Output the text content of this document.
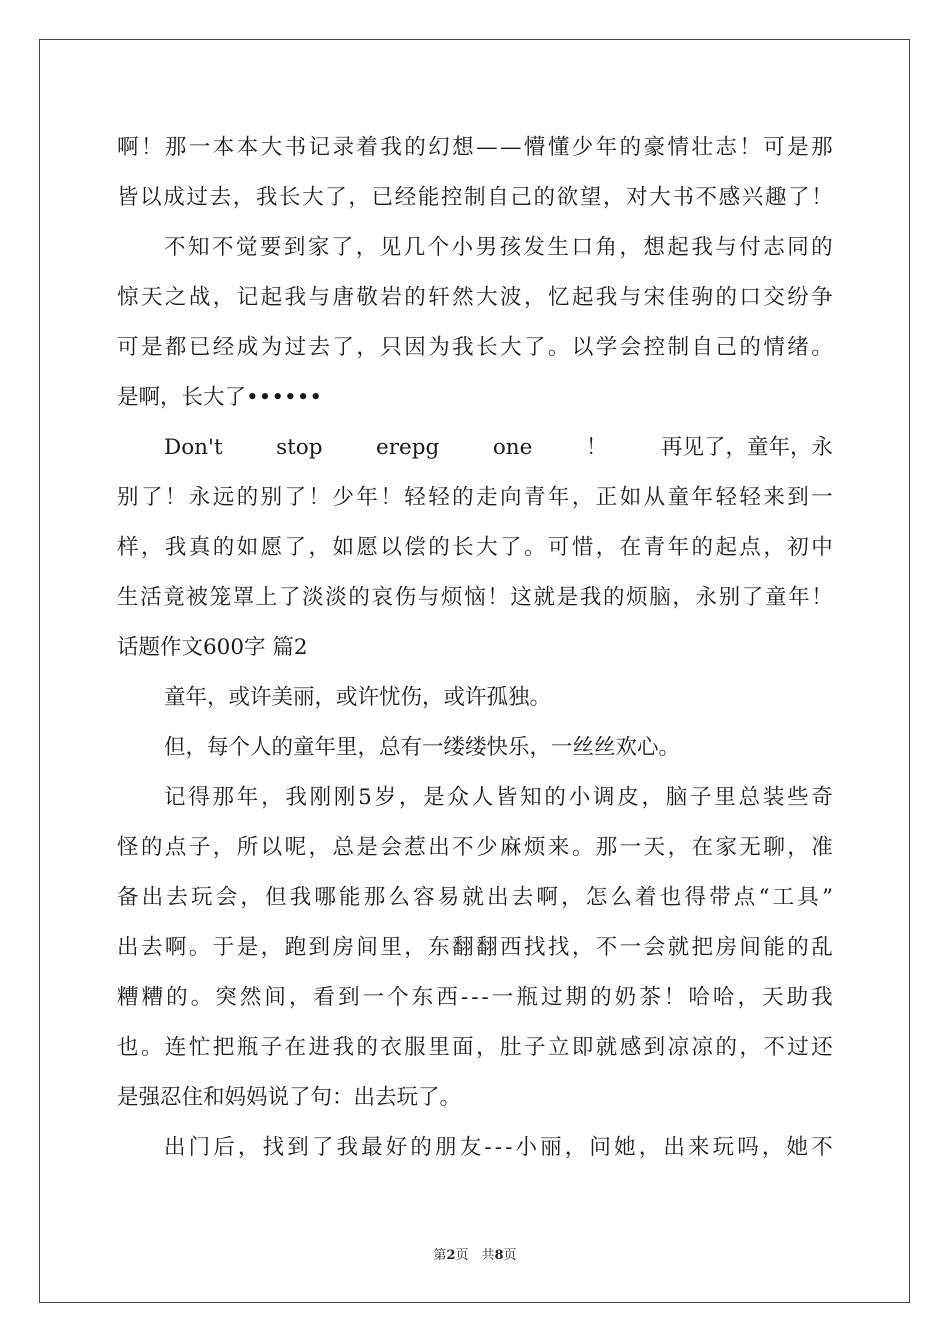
啊 ！ 那 一 本 本 大 书 记 录 着 我 的 幻 想 — — 懵 懂 少 年 的 豪 情 壮 志 ！ 可 是 那
皆 以 成 过 去 ， 我 长 大 了 ， 已 经 能 控 制 自 己 的 欲 望 ， 对 大 书 不 感 兴 趣 了 ！
不 知 不 觉 要 到 家 了 ， 见 几 个 小 男 孩 发 生 口 角 ， 想 起 我 与 付 志 同 的
惊 天 之 战 ， 记 起 我 与 唐 敬 岩 的 轩 然 大 波 ， 忆 起 我 与 宋 佳 驹 的 口 交 纷 争
可 是 都 已 经 成 为 过 去 了 ， 只 因 为 我 长 大 了 。 以 学 会 控 制 自 己 的 情 绪 。
是啊，长大了••••••
Don't stop erepg one ！ 再见了，童年，永
别 了 ！ 永 远 的 别 了 ！ 少 年 ！ 轻 轻 的 走 向 青 年 ， 正 如 从 童 年 轻 轻 来 到 一
样 ， 我 真 的 如 愿 了 ， 如 愿 以 偿 的 长 大 了 。 可 惜 ， 在 青 年 的 起 点 ， 初 中
生 活 竟 被 笼 罩 上 了 淡 淡 的 哀 伤 与 烦 恼 ！ 这 就 是 我 的 烦 脑 ， 永 别 了 童 年 ！
话题作文600字 篇2
童年，或许美丽，或许忧伤，或许孤独。
但，每个人的童年里，总有一缕缕快乐，一丝丝欢心。
记 得 那 年 ， 我 刚 刚 5 岁 ， 是 众 人 皆 知 的 小 调 皮 ， 脑 子 里 总 装 些 奇
怪 的 点 子 ， 所 以 呢 ， 总 是 会 惹 出 不 少 麻 烦 来 。 那 一 天 ， 在 家 无 聊 ， 准
备 出 去 玩 会 ， 但 我 哪 能 那 么 容 易 就 出 去 啊 ， 怎 么 着 也 得 带 点 “ 工 具 ”
出 去 啊 。 于 是 ， 跑 到 房 间 里 ， 东 翻 翻 西 找 找 ， 不 一 会 就 把 房 间 能 的 乱
糟 糟 的 。 突 然 间 ， 看 到 一 个 东 西 - - - 一 瓶 过 期 的 奶 茶 ！ 哈 哈 ， 天 助 我
也 。 连 忙 把 瓶 子 在 进 我 的 衣 服 里 面 ， 肚 子 立 即 就 感 到 凉 凉 的 ， 不 过 还
是强忍住和妈妈说了句：出去玩了。
出 门 后 ， 找 到 了 我 最 好 的 朋 友 - - - 小 丽 ， 问 她 ， 出 来 玩 吗 ， 她 不
第2页　共8页
